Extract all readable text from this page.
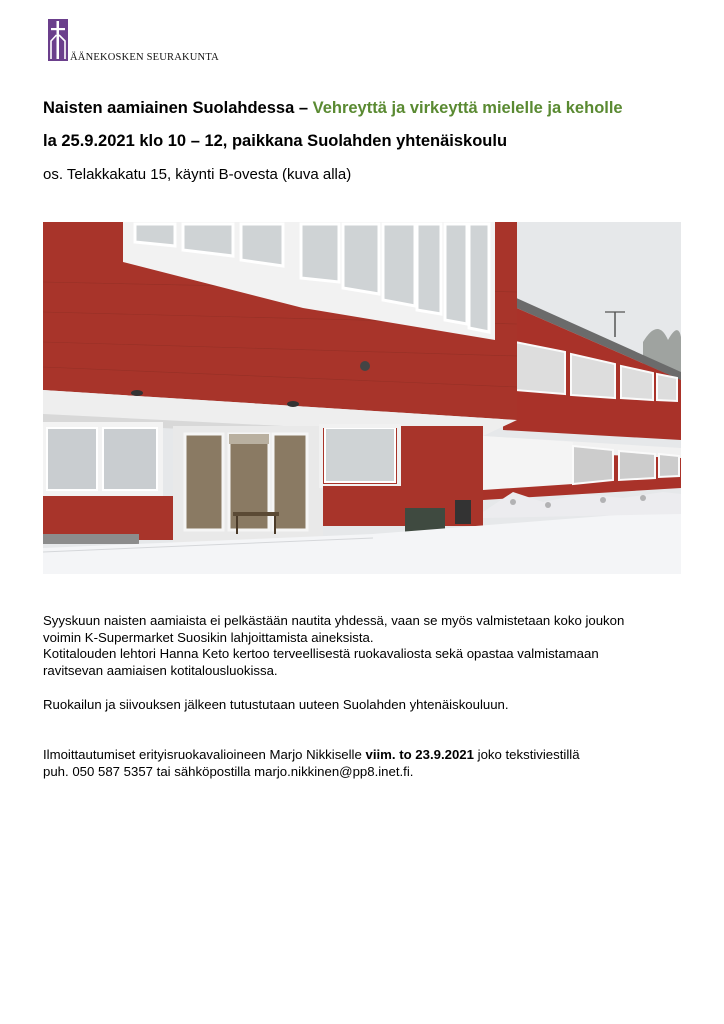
ÄÄNEKOSKEN SEURAKUNTA
Naisten aamiainen Suolahdessa – Vehreyttä ja virkeyttä mielelle ja keholle
la 25.9.2021 klo 10 – 12, paikkana Suolahden yhtenäiskoulu
os. Telakkakatu 15, käynti B-ovesta (kuva alla)
Syyskuun naisten aamiaista ei pelkästään nautita yhdessä, vaan se myös valmistetaan koko joukon
voimin K-Supermarket Suosikin lahjoittamista aineksista.
Kotitalouden lehtori Hanna Keto kertoo terveellisestä ruokavaliosta sekä opastaa valmistamaan
ravitsevan aamiaisen kotitalousluokissa.
Ruokailun ja siivouksen jälkeen tutustutaan uuteen Suolahden yhtenäiskouluun.
Ilmoittautumiset erityisruokavalioineen Marjo Nikkiselle viim. to 23.9.2021 joko tekstiviestillä
puh. 050 587 5357 tai sähköpostilla marjo.nikkinen@pp8.inet.fi.
